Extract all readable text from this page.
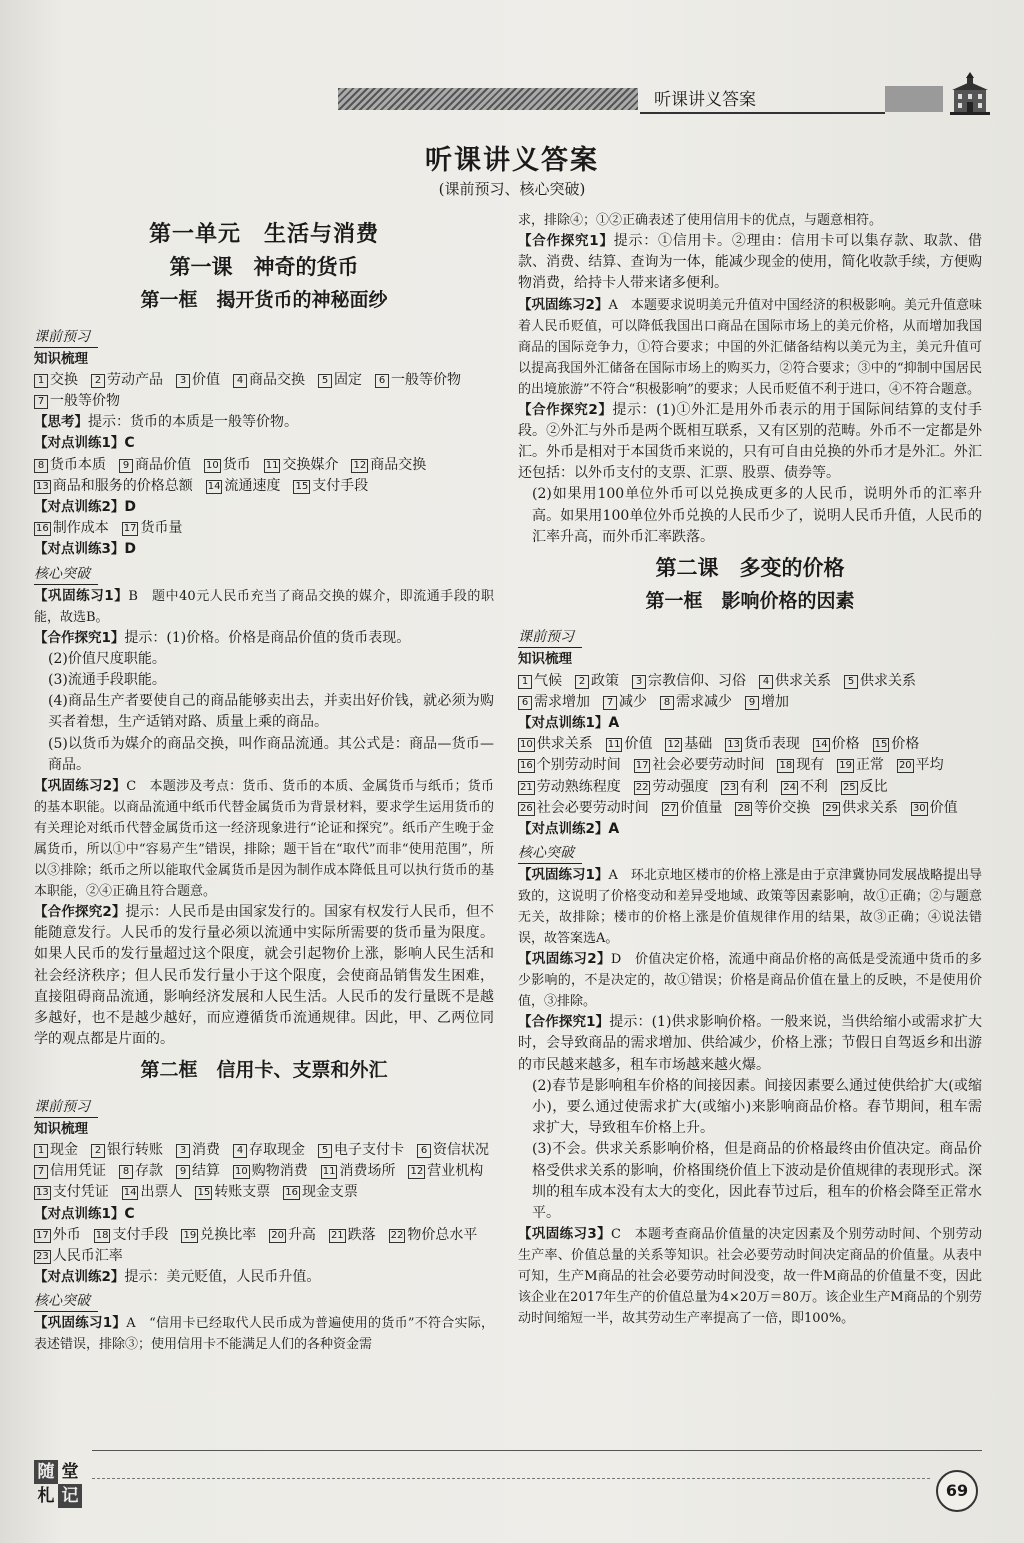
听课讲义答案
听课讲义答案
(课前预习、核心突破)
第一单元　生活与消费
第一课　神奇的货币
第一框　揭开货币的神秘面纱
课前预习
知识梳理
1 交换	2 劳动产品	3 价值	4 商品交换	5 固定	6 一般等价物
7 一般等价物

【思考】提示：货币的本质是一般等价物。

【对点训练1】C

8 货币本质	9 商品价值 10 货币 11 交换媒介 12 商品交换
13 商品和服务的价格总额 14 流通速度 15 支付手段

【对点训练2】D

16 制作成本 17 货币量

【对点训练3】D

核心突破

【巩固练习1】B　题中40元人民币充当了商品交换的媒介，即流通手段的职能，故选B。

【合作探究1】提示：(1)价格。价格是商品价值的货币表现。

(2)价值尺度职能。

(3)流通手段职能。

(4)商品生产者要使自己的商品能够卖出去，并卖出好价钱，就必须为购买者着想，生产适销对路、质量上乘的商品。

(5)以货币为媒介的商品交换，叫作商品流通。其公式是：商品—货币—商品。

【巩固练习2】C　本题涉及考点：货币、货币的本质、金属货币与纸币；货币的基本职能。以商品流通中纸币代替金属货币为背景材料，要求学生运用货币的有关理论对纸币代替金属货币这一经济现象进行“论证和探究”。纸币产生晚于金属货币，所以①中“容易产生”错误，排除；题干旨在“取代”而非“使用范围”，所以③排除；纸币之所以能取代金属货币是因为制作成本降低且可以执行货币的基本职能，②④正确且符合题意。

【合作探究2】提示：人民币是由国家发行的。国家有权发行人民币，但不能随意发行。人民币的发行量必须以流通中实际所需要的货币量为限度。如果人民币的发行量超过这个限度，就会引起物价上涨，影响人民生活和社会经济秩序；但人民币发行量小于这个限度，会使商品销售发生困难，直接阻碍商品流通，影响经济发展和人民生活。人民币的发行量既不是越多越好，也不是越少越好，而应遵循货币流通规律。因此，甲、乙两位同学的观点都是片面的。

第二框　信用卡、支票和外汇
课前预习
知识梳理
1 现金	2 银行转账	3 消费	4 存取现金	5 电子支付卡	6 资信状况
7 信用凭证	8 存款	9 结算 10 购物消费 11 消费场所 12 营业机构
13 支付凭证 14 出票人 15 转账支票 16 现金支票

【对点训练1】C

17 外币 18 支付手段 19 兑换比率 20 升高 21 跌落 22 物价总水平
23 人民币汇率

【对点训练2】提示：美元贬值，人民币升值。

核心突破

【巩固练习1】A　“信用卡已经取代人民币成为普遍使用的货币”不符合实际，表述错误，排除③；使用信用卡不能满足人们的各种资金需

求，排除④；①②正确表述了使用信用卡的优点，与题意相符。

【合作探究1】提示：①信用卡。②理由：信用卡可以集存款、取款、借款、消费、结算、查询为一体，能减少现金的使用，简化收款手续，方便购物消费，给持卡人带来诸多便利。

【巩固练习2】A　本题要求说明美元升值对中国经济的积极影响。美元升值意味着人民币贬值，可以降低我国出口商品在国际市场上的美元价格，从而增加我国商品的国际竞争力，①符合要求；中国的外汇储备结构以美元为主，美元升值可以提高我国外汇储备在国际市场上的购买力，②符合要求；③中的“抑制中国居民的出境旅游”不符合“积极影响”的要求；人民币贬值不利于进口，④不符合题意。

【合作探究2】提示：(1)①外汇是用外币表示的用于国际间结算的支付手段。②外汇与外币是两个既相互联系，又有区别的范畴。外币不一定都是外汇。外币是相对于本国货币来说的，只有可自由兑换的外币才是外汇。外汇还包括：以外币支付的支票、汇票、股票、债券等。

(2)如果用100单位外币可以兑换成更多的人民币，说明外币的汇率升高。如果用100单位外币兑换的人民币少了，说明人民币升值，人民币的汇率升高，而外币汇率跌落。

第二课　多变的价格
第一框　影响价格的因素
课前预习
知识梳理
1 气候	2 政策	3 宗教信仰、习俗	4 供求关系	5 供求关系
6 需求增加	7 减少	8 需求减少	9 增加

【对点训练1】A

10 供求关系 11 价值 12 基础 13 货币表现 14 价格 15 价格
16 个别劳动时间 17 社会必要劳动时间 18 现有 19 正常 20 平均
21 劳动熟练程度 22 劳动强度 23 有利 24 不利 25 反比
26 社会必要劳动时间 27 价值量 28 等价交换 29 供求关系 30 价值

【对点训练2】A

核心突破

【巩固练习1】A　环北京地区楼市的价格上涨是由于京津冀协同发展战略提出导致的，这说明了价格变动和差异受地域、政策等因素影响，故①正确；②与题意无关，故排除；楼市的价格上涨是价值规律作用的结果，故③正确；④说法错误，故答案选A。

【巩固练习2】D　价值决定价格，流通中商品价格的高低是受流通中货币的多少影响的，不是决定的，故①错误；价格是商品价值在量上的反映，不是使用价值，③排除。

【合作探究1】提示：(1)供求影响价格。一般来说，当供给缩小或需求扩大时，会导致商品的需求增加、供给减少，价格上涨；节假日自驾返乡和出游的市民越来越多，租车市场越来越火爆。

(2)春节是影响租车价格的间接因素。间接因素要么通过使供给扩大(或缩小)，要么通过使需求扩大(或缩小)来影响商品价格。春节期间，租车需求扩大，导致租车价格上升。

(3)不会。供求关系影响价格，但是商品的价格最终由价值决定。商品价格受供求关系的影响，价格围绕价值上下波动是价值规律的表现形式。深圳的租车成本没有太大的变化，因此春节过后，租车的价格会降至正常水平。

【巩固练习3】C　本题考查商品价值量的决定因素及个别劳动时间、个别劳动生产率、价值总量的关系等知识。社会必要劳动时间决定商品的价值量。从表中可知，生产M商品的社会必要劳动时间没变，故一件M商品的价值量不变，因此该企业在2017年生产的价值总量为4×20万＝80万。该企业生产M商品的个别劳动时间缩短一半，故其劳动生产率提高了一倍，即100%。

随 堂
札 记	69
